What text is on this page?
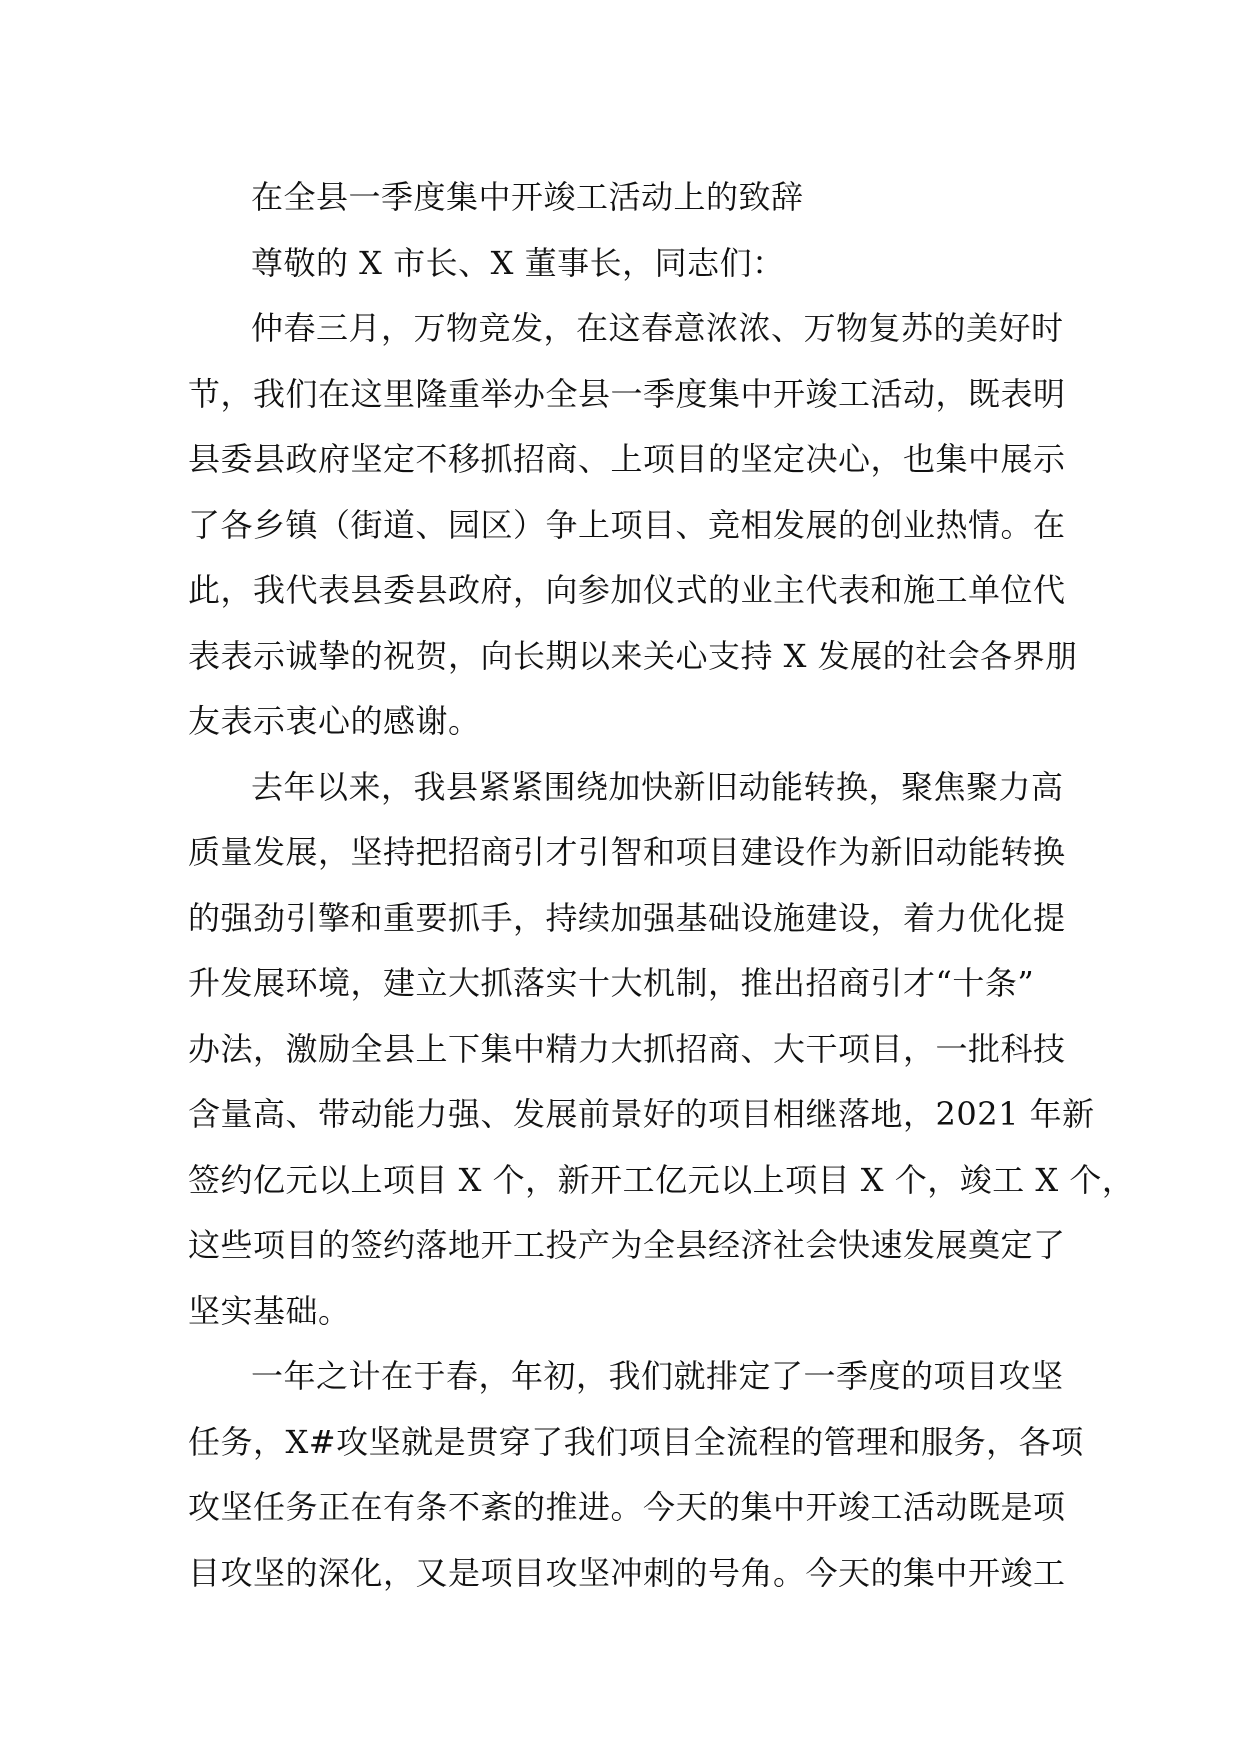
在全县一季度集中开竣工活动上的致辞
尊敬的 X 市长、X 董事长，同志们：
仲春三月，万物竞发，在这春意浓浓、万物复苏的美好时
节，我们在这里隆重举办全县一季度集中开竣工活动，既表明
县委县政府坚定不移抓招商、上项目的坚定决心，也集中展示
了各乡镇（街道、园区）争上项目、竞相发展的创业热情。在
此，我代表县委县政府，向参加仪式的业主代表和施工单位代
表表示诚挚的祝贺，向长期以来关心支持 X 发展的社会各界朋
友表示衷心的感谢。
去年以来，我县紧紧围绕加快新旧动能转换，聚焦聚力高
质量发展，坚持把招商引才引智和项目建设作为新旧动能转换
的强劲引擎和重要抓手，持续加强基础设施建设，着力优化提
升发展环境，建立大抓落实十大机制，推出招商引才“十条”
办法，激励全县上下集中精力大抓招商、大干项目，一批科技
含量高、带动能力强、发展前景好的项目相继落地，2021 年新
签约亿元以上项目 X 个，新开工亿元以上项目 X 个，竣工 X 个，
这些项目的签约落地开工投产为全县经济社会快速发展奠定了
坚实基础。
一年之计在于春，年初，我们就排定了一季度的项目攻坚
任务，X#攻坚就是贯穿了我们项目全流程的管理和服务，各项
攻坚任务正在有条不紊的推进。今天的集中开竣工活动既是项
目攻坚的深化，又是项目攻坚冲刺的号角。今天的集中开竣工
